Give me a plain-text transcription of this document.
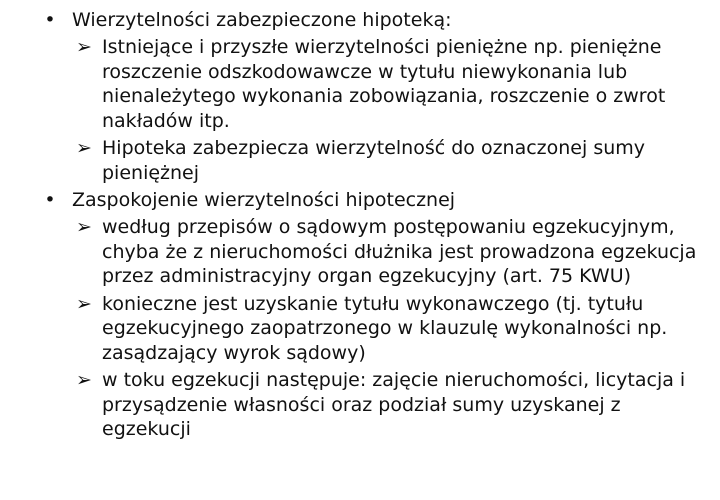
• Wierzytelności zabezpieczone hipoteką:
➢ Istniejące i przyszłe wierzytelności pieniężne np. pieniężne roszczenie odszkodowawcze w tytułu niewykonania lub nienależytego wykonania zobowiązania, roszczenie o zwrot nakładów itp.
➢ Hipoteka zabezpiecza wierzytelność do oznaczonej sumy pieniężnej
• Zaspokojenie wierzytelności hipotecznej
➢ według przepisów o sądowym postępowaniu egzekucyjnym, chyba że z nieruchomości dłużnika jest prowadzona egzekucja przez administracyjny organ egzekucyjny (art. 75 KWU)
➢ konieczne jest uzyskanie tytułu wykonawczego (tj. tytułu egzekucyjnego zaopatrzonego w klauzulę wykonalności np. zasądzający wyrok sądowy)
➢ w toku egzekucji następuje: zajęcie nieruchomości, licytacja i przysądzenie własności oraz podział sumy uzyskanej z egzekucji
